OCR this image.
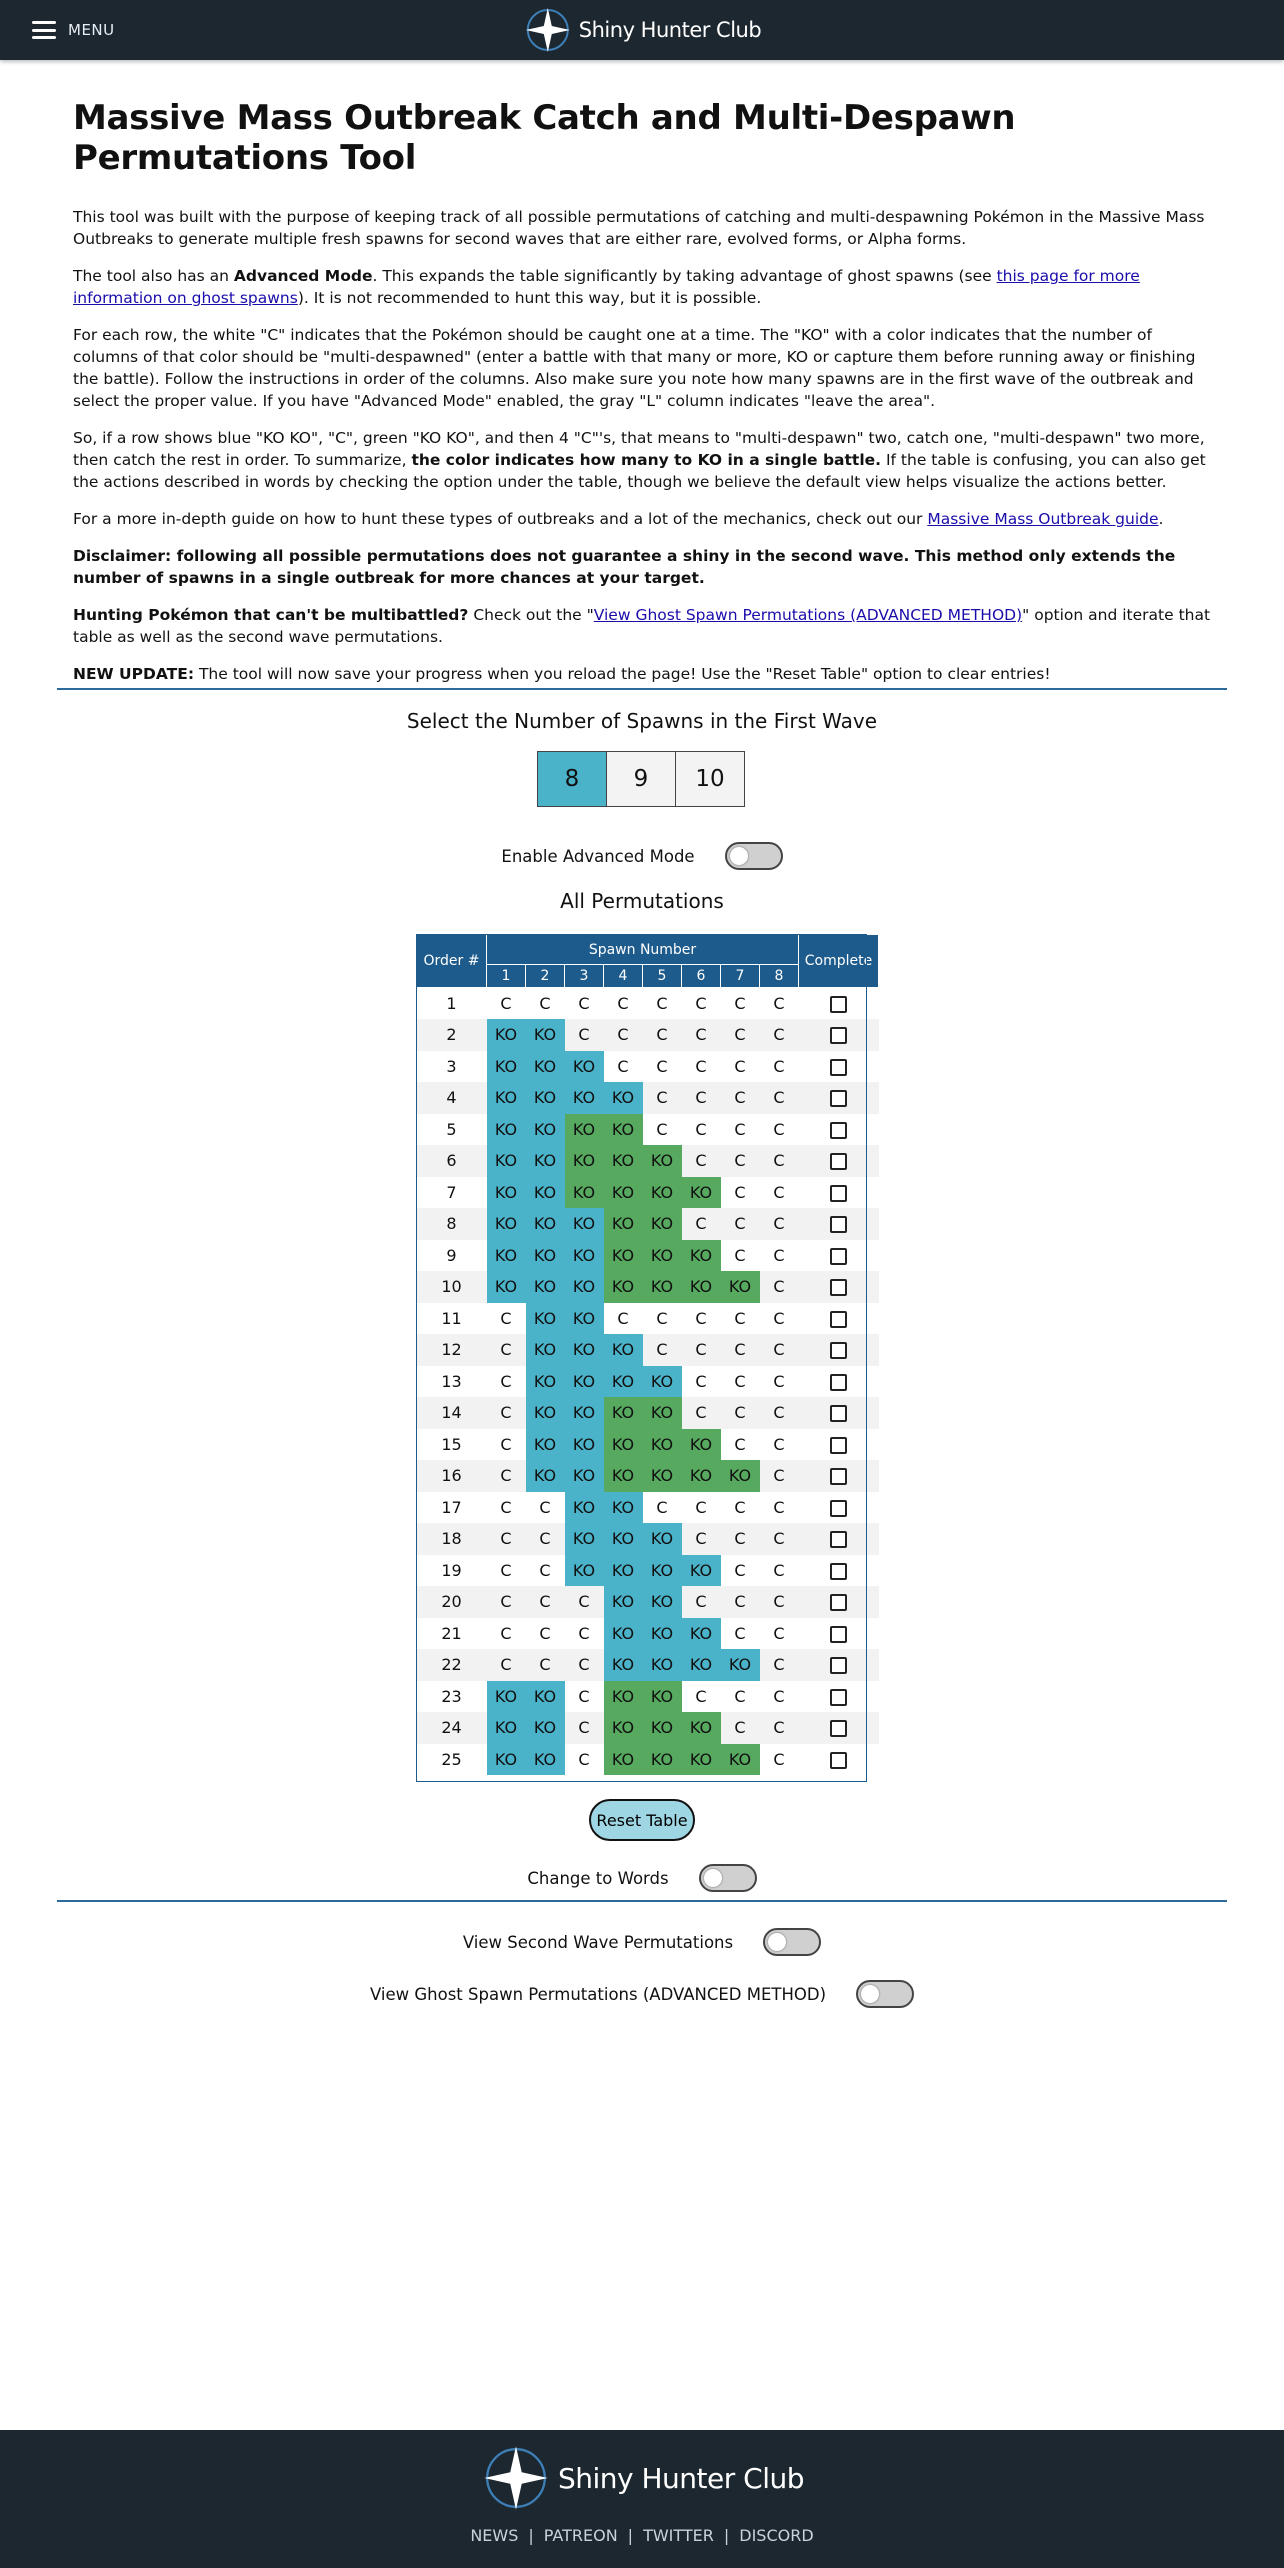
MENU	Shiny Hunter Club
Massive Mass Outbreak Catch and Multi-Despawn Permutations Tool

This tool was built with the purpose of keeping track of all possible permutations of catching and multi-despawning Pokémon in the Massive Mass Outbreaks to generate multiple fresh spawns for second waves that are either rare, evolved forms, or Alpha forms.

The tool also has an Advanced Mode. This expands the table significantly by taking advantage of ghost spawns (see this page for more information on ghost spawns). It is not recommended to hunt this way, but it is possible.

For each row, the white "C" indicates that the Pokémon should be caught one at a time. The "KO" with a color indicates that the number of columns of that color should be "multi-despawned" (enter a battle with that many or more, KO or capture them before running away or finishing the battle). Follow the instructions in order of the columns. Also make sure you note how many spawns are in the first wave of the outbreak and select the proper value. If you have "Advanced Mode" enabled, the gray "L" column indicates "leave the area".

So, if a row shows blue "KO KO", "C", green "KO KO", and then 4 "C"'s, that means to "multi-despawn" two, catch one, "multi-despawn" two more, then catch the rest in order. To summarize, the color indicates how many to KO in a single battle. If the table is confusing, you can also get the actions described in words by checking the option under the table, though we believe the default view helps visualize the actions better.

For a more in-depth guide on how to hunt these types of outbreaks and a lot of the mechanics, check out our Massive Mass Outbreak guide.

Disclaimer: following all possible permutations does not guarantee a shiny in the second wave. This method only extends the number of spawns in a single outbreak for more chances at your target.

Hunting Pokémon that can't be multibattled? Check out the "View Ghost Spawn Permutations (ADVANCED METHOD)" option and iterate that table as well as the second wave permutations.

NEW UPDATE: The tool will now save your progress when you reload the page! Use the "Reset Table" option to clear entries!

Select the Number of Spawns in the First Wave
8	9	10
Enable Advanced Mode
All Permutations
Order #	Spawn Number								Complete
	1	2	3	4	5	6	7	8	
1	C	C	C	C	C	C	C	C	
2	KO	KO	C	C	C	C	C	C	
3	KO	KO	KO	C	C	C	C	C	
4	KO	KO	KO	KO	C	C	C	C	
5	KO	KO	KO	KO	C	C	C	C	
6	KO	KO	KO	KO	KO	C	C	C	
7	KO	KO	KO	KO	KO	KO	C	C	
8	KO	KO	KO	KO	KO	C	C	C	
9	KO	KO	KO	KO	KO	KO	C	C	
10	KO	KO	KO	KO	KO	KO	KO	C	
11	C	KO	KO	C	C	C	C	C	
12	C	KO	KO	KO	C	C	C	C	
13	C	KO	KO	KO	KO	C	C	C	
14	C	KO	KO	KO	KO	C	C	C	
15	C	KO	KO	KO	KO	KO	C	C	
16	C	KO	KO	KO	KO	KO	KO	C	
17	C	C	KO	KO	C	C	C	C	
18	C	C	KO	KO	KO	C	C	C	
19	C	C	KO	KO	KO	KO	C	C	
20	C	C	C	KO	KO	C	C	C	
21	C	C	C	KO	KO	KO	C	C	
22	C	C	C	KO	KO	KO	KO	C	
23	KO	KO	C	KO	KO	C	C	C	
24	KO	KO	C	KO	KO	KO	C	C	
25	KO	KO	C	KO	KO	KO	KO	C	
Reset Table
Change to Words
View Second Wave Permutations
View Ghost Spawn Permutations (ADVANCED METHOD)
Shiny Hunter Club
NEWS | PATREON | TWITTER | DISCORD
